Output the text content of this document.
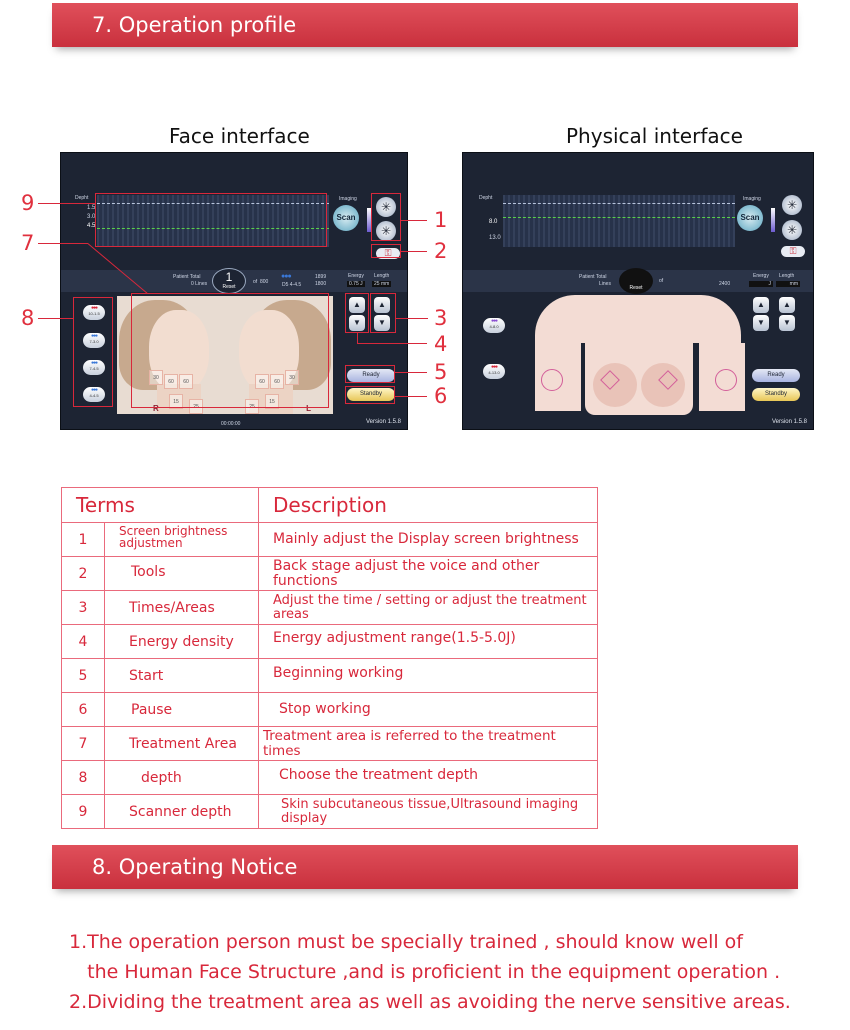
7. Operation profile
Face interface	Physical interface
Depht
1.5
3.0
4.5
Imaging
Scan
✳
✳
⚿
Patient Total
0 Lines	1
Reset
of 800
●●●
D5 4-4.5
1899
1800
Energy
0.75 J
Length
25 mm
●●●
10-1.5
●●●
7-3.0
●●●
7-4.5
●●●
4-4.5
30
60	60
15
25
R
60	60
30
25
15
L
▲
▼
▲
▼
Ready
Standby
00:00:00	Version 1.5.8
Depht
8.0
13.0
Imaging
Scan
✳
✳
⚿
Patient Total
Lines
Reset
of	2400
Energy
J
Length
mm
●●●
4-8.0
●●●
4-13.0
▲
▼
▲
▼
Ready
Standby
Version 1.5.8
9
7
8
1
2
3
4
5
6
Terms		Description
1	Screen brightness adjustmen	Mainly adjust the Display screen brightness
2	Tools	Back stage adjust the voice and other functions
3	Times/Areas	Adjust the time / setting or adjust the treatment areas
4	Energy density	Energy adjustment range(1.5-5.0J)
5	Start	Beginning working
6	Pause	Stop working
7	Treatment Area	Treatment area is referred to the treatment times
8	depth	Choose the treatment depth
9	Scanner depth	Skin subcutaneous tissue,Ultrasound imaging display
8. Operating Notice
1.The operation person must be specially trained , should know well of
the Human Face Structure ,and is proficient in the equipment operation .
2.Dividing the treatment area as well as avoiding the nerve sensitive areas.
